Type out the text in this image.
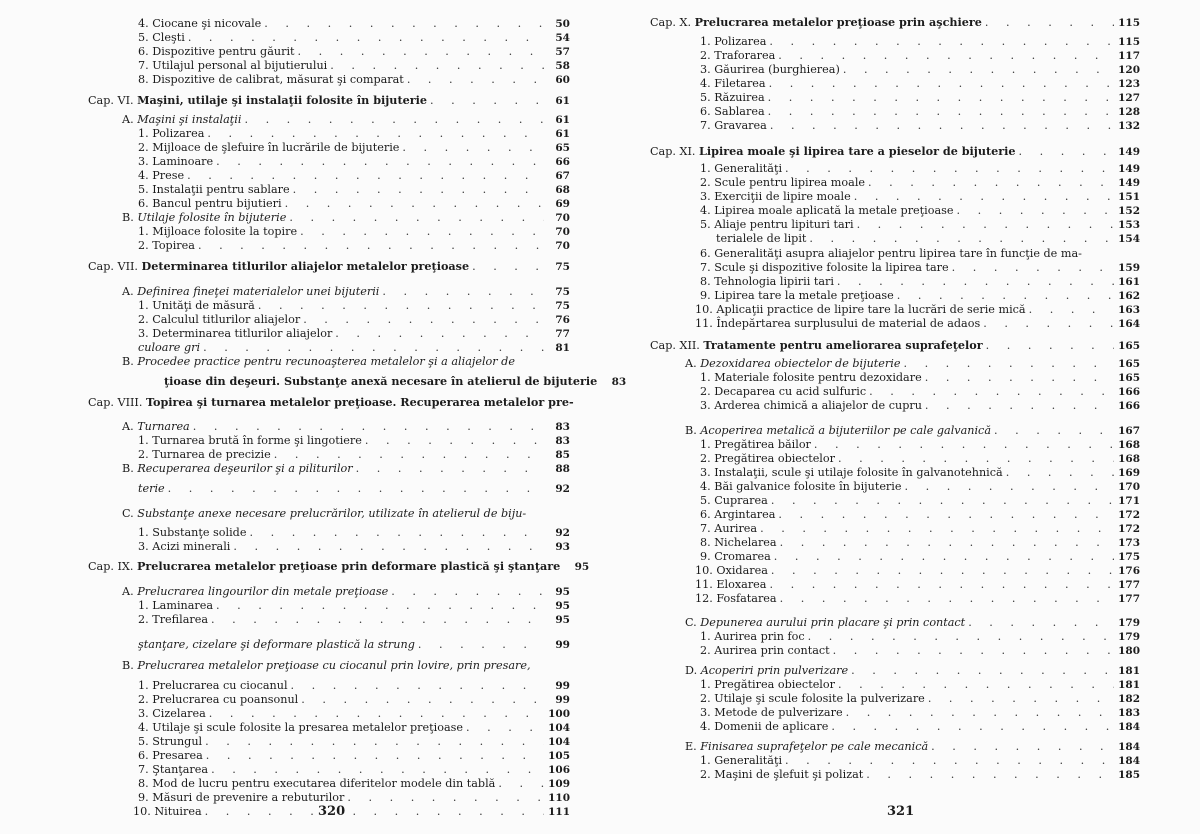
4. Ciocane şi nicovale . . .	50
5. Cleşti . . .	54
6. Dispozitive pentru găurit . . .	57
7. Utilajul personal al bijutierului . . .	58
8. Dispozitive de calibrat, măsurat şi comparat . . .	60
Cap. VI. Maşini, utilaje şi instalaţii folosite în bijuterie . . .	61
A. Maşini şi instalaţii . . .	61
1. Polizarea . . .	61
2. Mijloace de şlefuire în lucrările de bijuterie . . .	65
3. Laminoare . . .	66
4. Prese . . .	67
5. Instalaţii pentru sablare . . .	68
6. Bancul pentru bijutieri . . .	69
B. Utilaje folosite în bijuterie . . .	70
1. Mijloace folosite la topire . . .	70
2. Topirea . . .	70
Cap. VII. Determinarea titlurilor aliajelor metalelor preţioase . . .	75
A. Definirea fineţei materialelor unei bijuterii . . .	75
1. Unităţi de măsură . . .	75
2. Calculul titlurilor aliajelor . . .	76
3. Determinarea titlurilor aliajelor . . .	77
B. Procedee practice pentru recunoaşterea metalelor şi a aliajelor de
culoare gri . . .	81
Cap. VIII. Topirea şi turnarea metalelor preţioase. Recuperarea metalelor pre-
ţioase din deşeuri. Substanţe anexă necesare în atelierul de bijuterie . . .	83
A. Turnarea . . .	83
1. Turnarea brută în forme şi lingotiere . . .	83
2. Turnarea de precizie . . .	85
B. Recuperarea deşeurilor şi a piliturilor . . .	88
C. Substanţe anexe necesare prelucrărilor, utilizate în atelierul de biju-
terie . . .	92
1. Substanţe solide . . .	92
3. Acizi minerali . . .	93
Cap. IX. Prelucrarea metalelor preţioase prin deformare plastică şi ştanţare . . .	95
A. Prelucrarea lingourilor din metale preţioase . . .	95
1. Laminarea . . .	95
2. Trefilarea . . .	95
B. Prelucrarea metalelor preţioase cu ciocanul prin lovire, prin presare,
ştanţare, cizelare şi deformare plastică la strung . . .	99
1. Prelucrarea cu ciocanul . . .	99
2. Prelucrarea cu poansonul . . .	99
3. Cizelarea . . .	100
4. Utilaje şi scule folosite la presarea metalelor preţioase . . .	104
5. Strungul . . .	104
6. Presarea . . .	105
7. Ştanţarea . . .	106
8. Mod de lucru pentru executarea diferitelor modele din tablă . . .	109
9. Măsuri de prevenire a rebuturilor . . .	110
10. Nituirea . . .	111
320
Cap. X. Prelucrarea metalelor preţioase prin aşchiere . . .	115
1. Polizarea . . .	115
2. Traforarea . . .	117
3. Găurirea (burghierea) . . .	120
4. Filetarea . . .	123
5. Răzuirea . . .	127
6. Sablarea . . .	128
7. Gravarea . . .	132
Cap. XI. Lipirea moale şi lipirea tare a pieselor de bijuterie . . .	149
1. Generalităţi . . .	149
2. Scule pentru lipirea moale . . .	149
3. Exerciţii de lipire moale . . .	151
4. Lipirea moale aplicată la metale preţioase . . .	152
5. Aliaje pentru lipituri tari . . .	153
6. Generalităţi asupra aliajelor pentru lipirea tare în funcţie de ma-
terialele de lipit . . .	154
7. Scule şi dispozitive folosite la lipirea tare . . .	159
8. Tehnologia lipirii tari . . .	161
9. Lipirea tare la metale preţioase . . .	162
10. Aplicaţii practice de lipire tare la lucrări de serie mică . . .	163
11. Îndepărtarea surplusului de material de adaos . . .	164
Cap. XII. Tratamente pentru ameliorarea suprafeţelor . . .	165
A. Dezoxidarea obiectelor de bijuterie . . .	165
1. Materiale folosite pentru dezoxidare . . .	165
2. Decaparea cu acid sulfuric . . .	166
3. Arderea chimică a aliajelor de cupru . . .	166
B. Acoperirea metalică a bijuteriilor pe cale galvanică . . .	167
1. Pregătirea băilor . . .	168
2. Pregătirea obiectelor . . .	168
3. Instalaţii, scule şi utilaje folosite în galvanotehnică . . .	169
4. Băi galvanice folosite în bijuterie . . .	170
5. Cuprarea . . .	171
6. Argintarea . . .	172
7. Aurirea . . .	172
8. Nichelarea . . .	173
9. Cromarea . . .	175
10. Oxidarea . . .	176
11. Eloxarea . . .	177
12. Fosfatarea . . .	177
C. Depunerea aurului prin placare şi prin contact . . .	179
1. Aurirea prin foc . . .	179
2. Aurirea prin contact . . .	180
D. Acoperiri prin pulverizare . . .	181
1. Pregătirea obiectelor . . .	181
2. Utilaje şi scule folosite la pulverizare . . .	182
3. Metode de pulverizare . . .	183
4. Domenii de aplicare . . .	184
E. Finisarea suprafeţelor pe cale mecanică . . .	184
1. Generalităţi . . .	184
2. Maşini de şlefuit şi polizat . . .	185
321
